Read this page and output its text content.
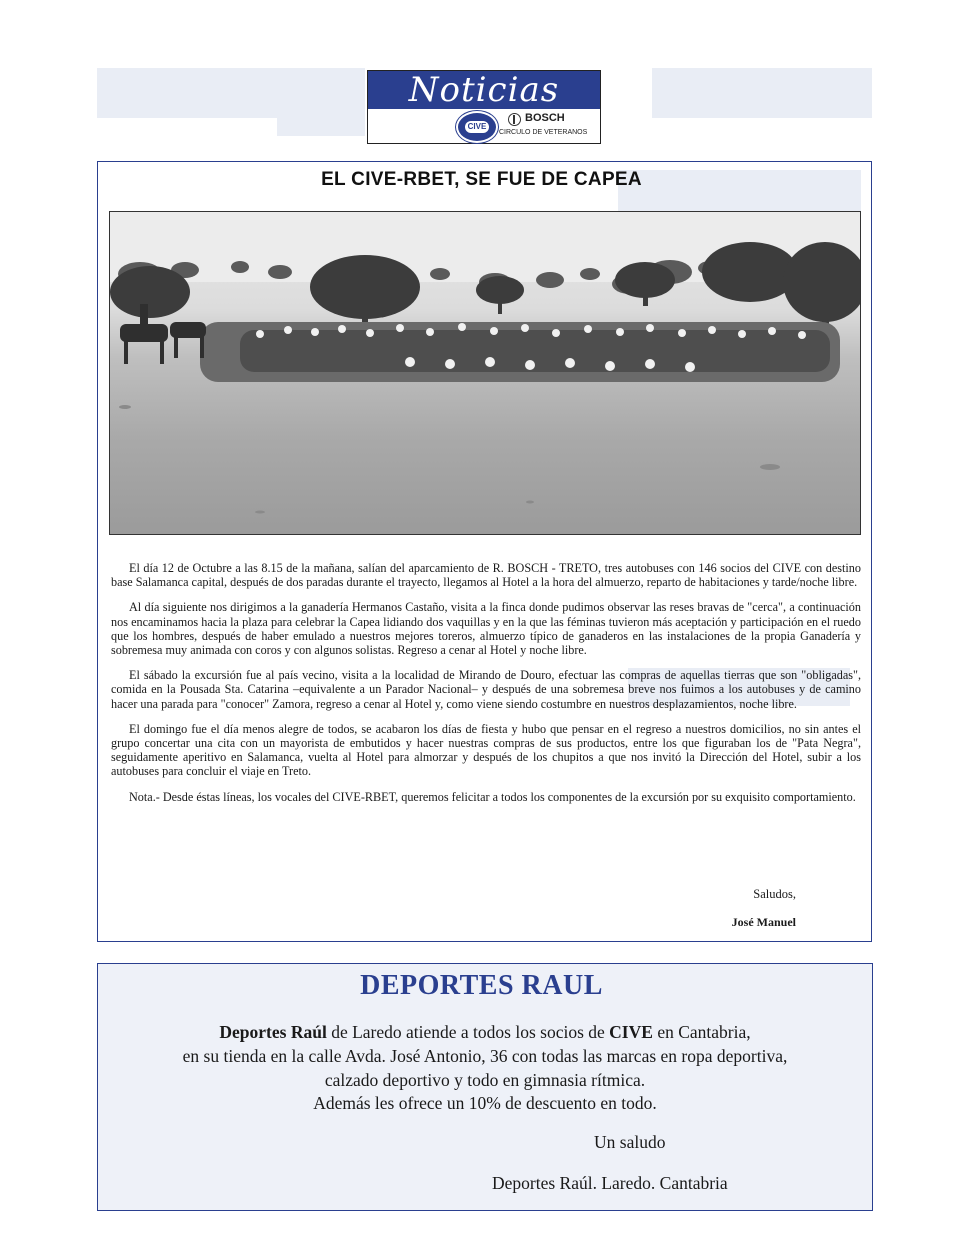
Noticias
CIVE
BOSCH
CIRCULO DE VETERANOS
EL CIVE-RBET, SE FUE DE CAPEA

El día 12 de Octubre a las 8.15 de la mañana, salían del aparcamiento de R. BOSCH - TRETO, tres autobuses con 146 socios del CIVE con destino base Salamanca capital, después de dos paradas durante el trayecto, llegamos al Hotel a la hora del almuerzo, reparto de habitaciones y tarde/noche libre.

Al día siguiente nos dirigimos a la ganadería Hermanos Castaño, visita a la finca donde pudimos observar las reses bravas de "cerca", a continuación nos encaminamos hacia la plaza para celebrar la Capea lidiando dos vaquillas y en la que las féminas tuvieron más aceptación y participación en el ruedo que los hombres, después de haber emulado a nuestros mejores toreros, almuerzo típico de ganaderos en las instalaciones de la propia Ganadería y sobremesa muy animada con coros y con algunos solistas. Regreso a cenar al Hotel y noche libre.

El sábado la excursión fue al país vecino, visita a la localidad de Mirando de Douro, efectuar las compras de aquellas tierras que son "obligadas", comida en la Pousada Sta. Catarina –equivalente a un Parador Nacional– y después de una sobremesa breve nos fuimos a los autobuses y de camino hacer una parada para "conocer" Zamora, regreso a cenar al Hotel y, como viene siendo costumbre en nuestros desplazamientos, noche libre.

El domingo fue el día menos alegre de todos, se acabaron los días de fiesta y hubo que pensar en el regreso a nuestros domicilios, no sin antes el grupo concertar una cita con un mayorista de embutidos y hacer nuestras compras de sus productos, entre los que figuraban los de "Pata Negra", seguidamente aperitivo en Salamanca, vuelta al Hotel para almorzar y después de los chupitos a que nos invitó la Dirección del Hotel, subir a los autobuses para concluir el viaje en Treto.

Nota.- Desde éstas líneas, los vocales del CIVE-RBET, queremos felicitar a todos los componentes de la excursión por su exquisito comportamiento.

Saludos,
José Manuel
DEPORTES RAUL
Deportes Raúl de Laredo atiende a todos los socios de CIVE en Cantabria,
en su tienda en la calle Avda. José Antonio, 36 con todas las marcas en ropa deportiva,
calzado deportivo y todo en gimnasia rítmica.
Además les ofrece un 10% de descuento en todo.
Un saludo
Deportes Raúl. Laredo. Cantabria
